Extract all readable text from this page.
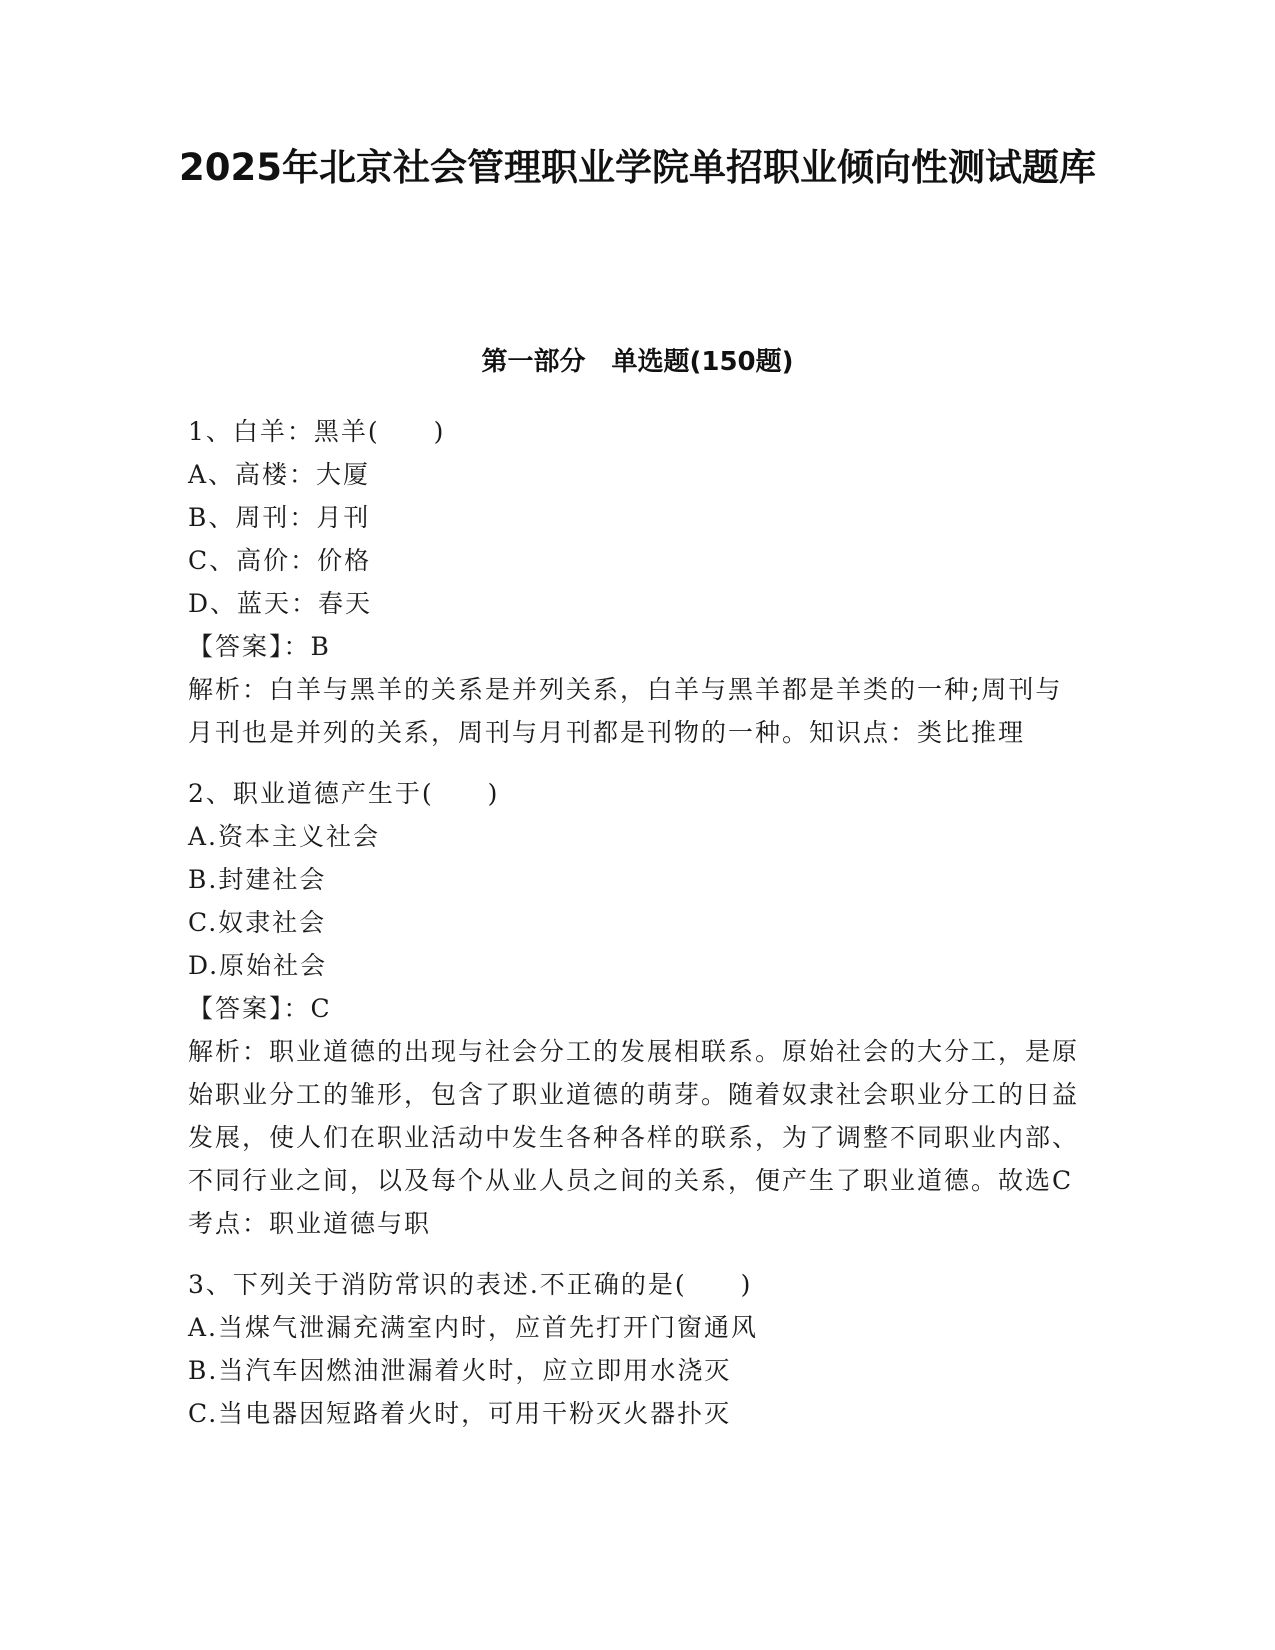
2025年北京社会管理职业学院单招职业倾向性测试题库
第一部分　单选题(150题)
1、白羊：黑羊(　　)
A、高楼：大厦
B、周刊：月刊
C、高价：价格
D、蓝天：春天
【答案】：B
解析：白羊与黑羊的关系是并列关系，白羊与黑羊都是羊类的一种;周刊与月刊也是并列的关系，周刊与月刊都是刊物的一种。知识点：类比推理
2、职业道德产生于(　　)
A.资本主义社会
B.封建社会
C.奴隶社会
D.原始社会
【答案】：C
解析：职业道德的出现与社会分工的发展相联系。原始社会的大分工，是原始职业分工的雏形，包含了职业道德的萌芽。随着奴隶社会职业分工的日益发展，使人们在职业活动中发生各种各样的联系，为了调整不同职业内部、不同行业之间，以及每个从业人员之间的关系，便产生了职业道德。故选C考点：职业道德与职
3、下列关于消防常识的表述.不正确的是(　　)
A.当煤气泄漏充满室内时，应首先打开门窗通风
B.当汽车因燃油泄漏着火时，应立即用水浇灭
C.当电器因短路着火时，可用干粉灭火器扑灭
